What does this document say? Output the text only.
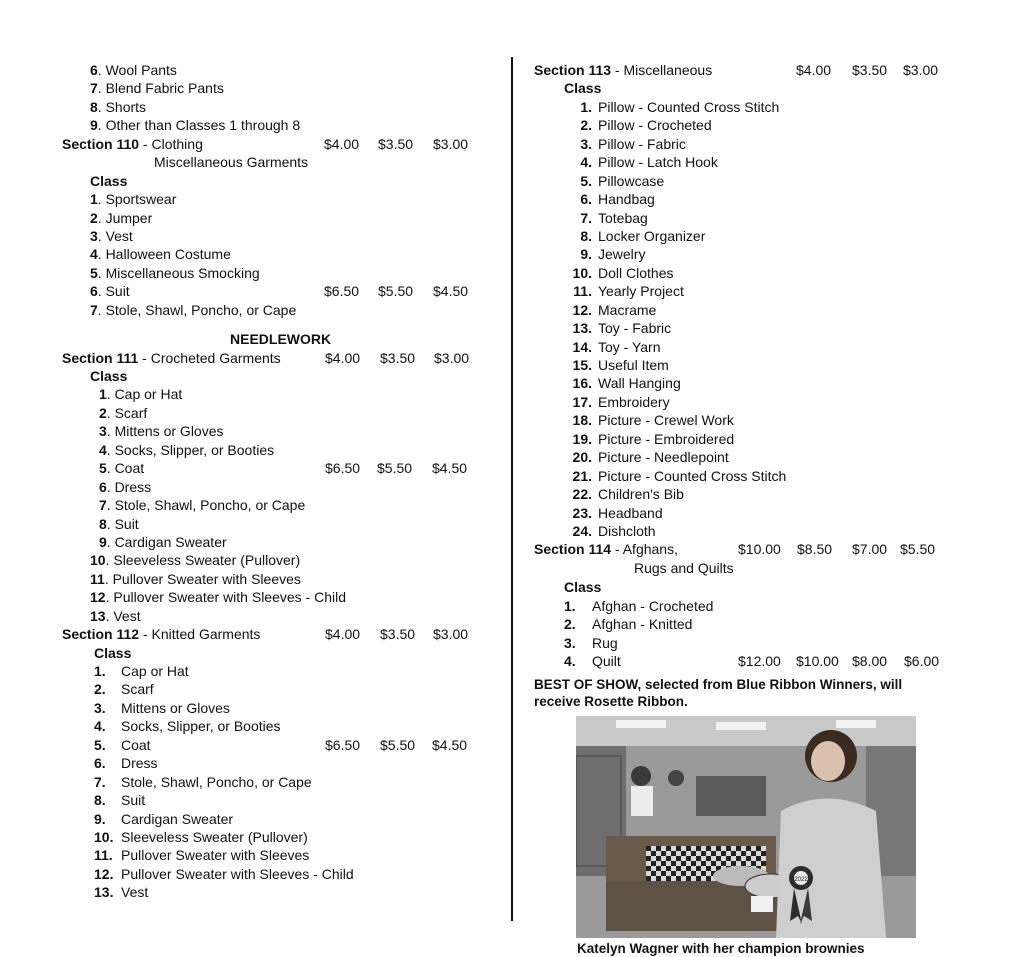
6. Wool Pants
7. Blend Fabric Pants
8. Shorts
9. Other than Classes 1 through 8
Section 110 - Clothing	$4.00 $3.50 $3.00
Miscellaneous Garments
Class
1. Sportswear
2. Jumper
3. Vest
4. Halloween Costume
5. Miscellaneous Smocking
6. Suit	$6.50 $5.50 $4.50
7. Stole, Shawl, Poncho, or Cape
NEEDLEWORK
Section 111 - Crocheted Garments	$4.00 $3.50 $3.00
Class
1. Cap or Hat
2. Scarf
3. Mittens or Gloves
4. Socks, Slipper, or Booties
5. Coat	$6.50 $5.50 $4.50
6. Dress
7. Stole, Shawl, Poncho, or Cape
8. Suit
9. Cardigan Sweater
10. Sleeveless Sweater (Pullover)
11. Pullover Sweater with Sleeves
12. Pullover Sweater with Sleeves - Child
13. Vest
Section 112 - Knitted Garments	$4.00 $3.50 $3.00
Class
1. Cap or Hat
2. Scarf
3. Mittens or Gloves
4. Socks, Slipper, or Booties
5. Coat	$6.50 $5.50 $4.50
6. Dress
7. Stole, Shawl, Poncho, or Cape
8. Suit
9. Cardigan Sweater
10. Sleeveless Sweater (Pullover)
11. Pullover Sweater with Sleeves
12. Pullover Sweater with Sleeves - Child
13. Vest
Section 113 - Miscellaneous	$4.00 $3.50 $3.00
Class
1. Pillow - Counted Cross Stitch
2. Pillow - Crocheted
3. Pillow - Fabric
4. Pillow - Latch Hook
5. Pillowcase
6. Handbag
7. Totebag
8. Locker Organizer
9. Jewelry
10. Doll Clothes
11. Yearly Project
12. Macrame
13. Toy - Fabric
14. Toy - Yarn
15. Useful Item
16. Wall Hanging
17. Embroidery
18. Picture - Crewel Work
19. Picture - Embroidered
20. Picture - Needlepoint
21. Picture - Counted Cross Stitch
22. Children's Bib
23. Headband
24. Dishcloth
Section 114 - Afghans,	$10.00 $8.50 $7.00 $5.50
Rugs and Quilts
Class
1. Afghan - Crocheted
2. Afghan - Knitted
3. Rug
4. Quilt	$12.00 $10.00 $8.00 $6.00
BEST OF SHOW, selected from Blue Ribbon Winners, will receive Rosette Ribbon.
2022
Katelyn Wagner with her champion brownies
